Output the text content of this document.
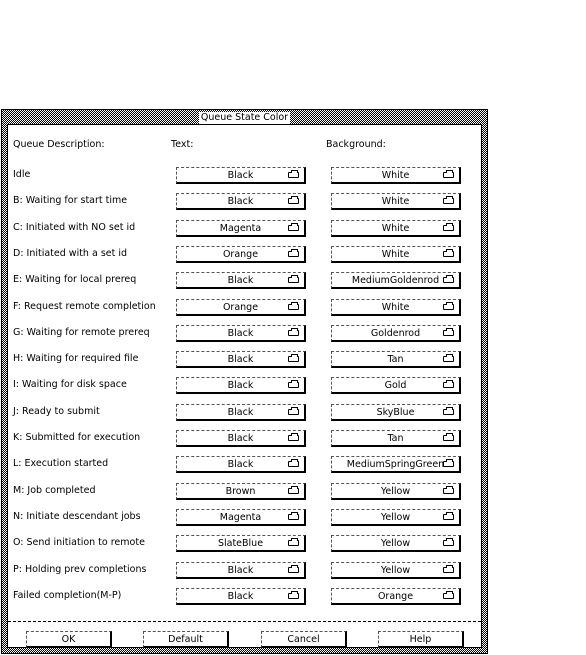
Queue State Color
Queue Description:	Text:	Background:
Idle	Black	White
B: Waiting for start time	Black	White
C: Initiated with NO set id	Magenta	White
D: Initiated with a set id	Orange	White
E: Waiting for local prereq	Black	MediumGoldenrod
F: Request remote completion	Orange	White
G: Waiting for remote prereq	Black	Goldenrod
H: Waiting for required file	Black	Tan
I: Waiting for disk space	Black	Gold
J: Ready to submit	Black	SkyBlue
K: Submitted for execution	Black	Tan
L: Execution started	Black	MediumSpringGreen
M: Job completed	Brown	Yellow
N: Initiate descendant jobs	Magenta	Yellow
O: Send initiation to remote	SlateBlue	Yellow
P: Holding prev completions	Black	Yellow
Failed completion(M-P)	Black	Orange
OK	Default	Cancel	Help
